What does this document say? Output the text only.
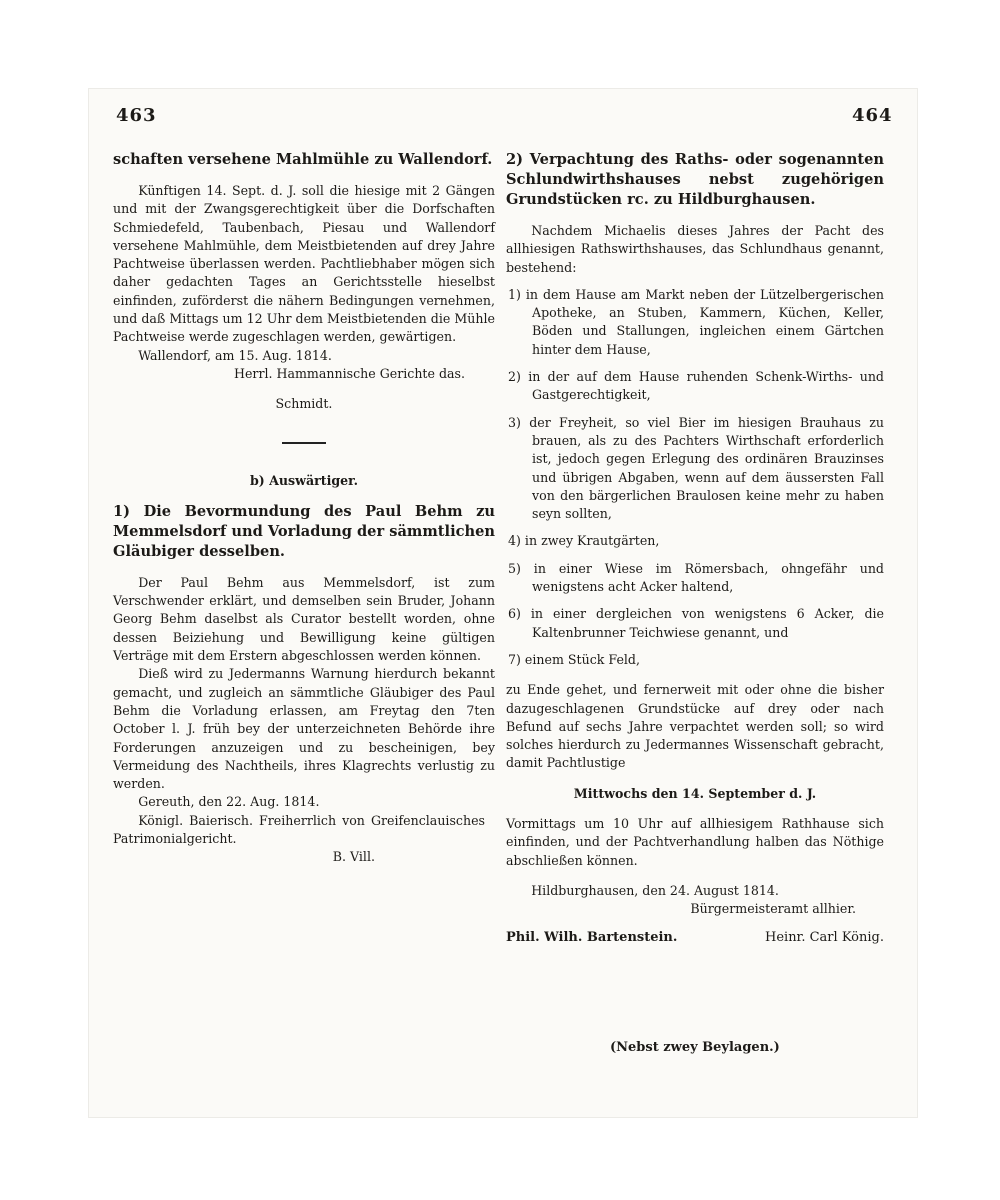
463	464

schaften versehene Mahlmühle zu Wallendorf.

Künftigen 14. Sept. d. J. soll die hiesige mit 2 Gängen und mit der Zwangsgerechtigkeit über die Dorfschaften Schmiedefeld, Taubenbach, Piesau und Wallendorf versehene Mahlmühle, dem Meistbietenden auf drey Jahre Pachtweise überlassen werden. Pachtliebhaber mögen sich daher gedachten Tages an Gerichtsstelle hieselbst einfinden, zuförderst die nähern Bedingungen vernehmen, und daß Mittags um 12 Uhr dem Meistbietenden die Mühle Pachtweise werde zugeschlagen werden, gewärtigen.

Wallendorf, am 15. Aug. 1814.

Herrl. Hammannische Gerichte das.

Schmidt.

b) Auswärtiger.

1) Die Bevormundung des Paul Behm zu Memmelsdorf und Vorladung der sämmtlichen Gläubiger desselben.

Der Paul Behm aus Memmelsdorf, ist zum Verschwender erklärt, und demselben sein Bruder, Johann Georg Behm daselbst als Curator bestellt worden, ohne dessen Beiziehung und Bewilligung keine gültigen Verträge mit dem Erstern abgeschlossen werden können.

Dieß wird zu Jedermanns Warnung hierdurch bekannt gemacht, und zugleich an sämmtliche Gläubiger des Paul Behm die Vorladung erlassen, am Freytag den 7ten October l. J. früh bey der unterzeichneten Behörde ihre Forderungen anzuzeigen und zu bescheinigen, bey Vermeidung des Nachtheils, ihres Klagrechts verlustig zu werden.

Gereuth, den 22. Aug. 1814.

Königl. Baierisch. Freiherrlich von Greifenclauisches Patrimonialgericht.

B. Vill.

2) Verpachtung des Raths- oder sogenannten Schlundwirthshauses nebst zugehörigen Grundstücken rc. zu Hildburghausen.

Nachdem Michaelis dieses Jahres der Pacht des allhiesigen Rathswirthshauses, das Schlundhaus genannt, bestehend:

1) in dem Hause am Markt neben der Lützelbergerischen Apotheke, an Stuben, Kammern, Küchen, Keller, Böden und Stallungen, ingleichen einem Gärtchen hinter dem Hause,

2) in der auf dem Hause ruhenden Schenk-Wirths- und Gastgerechtigkeit,

3) der Freyheit, so viel Bier im hiesigen Brauhaus zu brauen, als zu des Pachters Wirthschaft erforderlich ist, jedoch gegen Erlegung des ordinären Brauzinses und übrigen Abgaben, wenn auf dem äussersten Fall von den bärgerlichen Braulosen keine mehr zu haben seyn sollten,

4) in zwey Krautgärten,

5) in einer Wiese im Römersbach, ohngefähr und wenigstens acht Acker haltend,

6) in einer dergleichen von wenigstens 6 Acker, die Kaltenbrunner Teichwiese genannt, und

7) einem Stück Feld,

zu Ende gehet, und fernerweit mit oder ohne die bisher dazugeschlagenen Grundstücke auf drey oder nach Befund auf sechs Jahre verpachtet werden soll; so wird solches hierdurch zu Jedermannes Wissenschaft gebracht, damit Pachtlustige

Mittwochs den 14. September d. J.

Vormittags um 10 Uhr auf allhiesigem Rathhause sich einfinden, und der Pachtverhandlung halben das Nöthige abschließen können.

Hildburghausen, den 24. August 1814.

Bürgermeisteramt allhier.

Phil. Wilh. Bartenstein.	Heinr. Carl König.
(Nebst zwey Beylagen.)
